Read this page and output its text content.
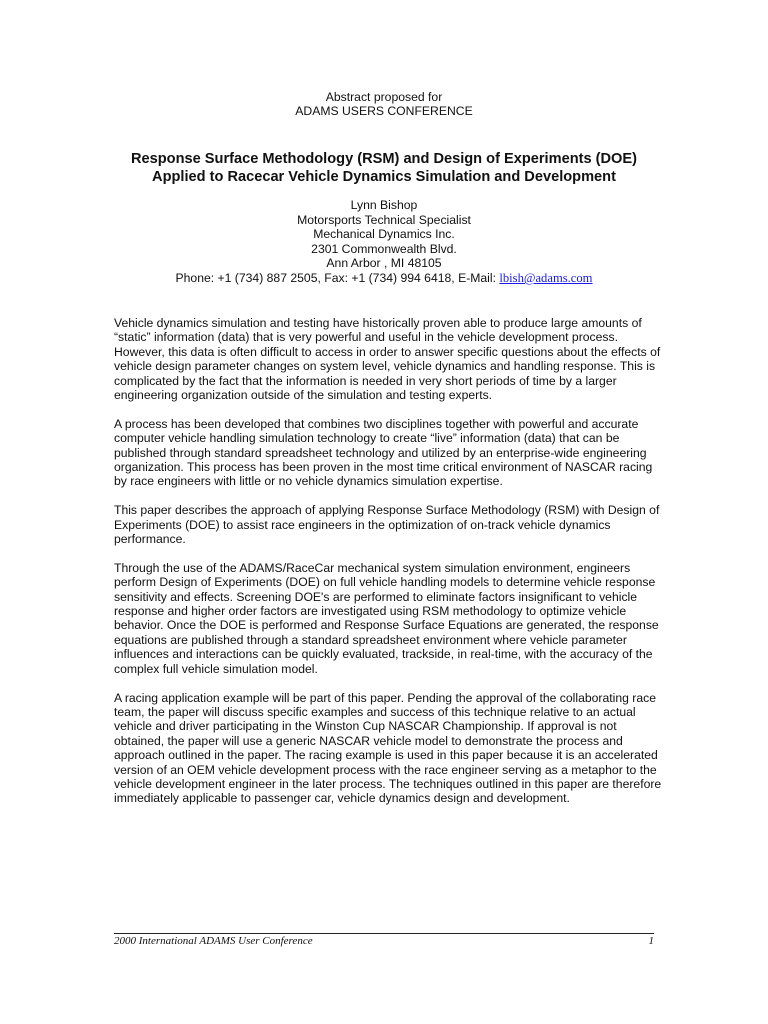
Abstract proposed for
ADAMS USERS CONFERENCE
Response Surface Methodology (RSM) and Design of Experiments (DOE)
Applied to Racecar Vehicle Dynamics Simulation and Development
Lynn Bishop
Motorsports Technical Specialist
Mechanical Dynamics Inc.
2301 Commonwealth Blvd.
Ann Arbor , MI 48105
Phone: +1 (734) 887 2505, Fax: +1 (734) 994 6418, E-Mail: lbish@adams.com

Vehicle dynamics simulation and testing have historically proven able to produce large amounts of “static” information (data) that is very powerful and useful in the vehicle development process. However, this data is often difficult to access in order to answer specific questions about the effects of vehicle design parameter changes on system level, vehicle dynamics and handling response. This is complicated by the fact that the information is needed in very short periods of time by a larger engineering organization outside of the simulation and testing experts.

A process has been developed that combines two disciplines together with powerful and accurate computer vehicle handling simulation technology to create “live” information (data) that can be published through standard spreadsheet technology and utilized by an enterprise-wide engineering organization. This process has been proven in the most time critical environment of NASCAR racing by race engineers with little or no vehicle dynamics simulation expertise.

This paper describes the approach of applying Response Surface Methodology (RSM) with Design of Experiments (DOE) to assist race engineers in the optimization of on-track vehicle dynamics performance.

Through the use of the ADAMS/RaceCar mechanical system simulation environment, engineers perform Design of Experiments (DOE) on full vehicle handling models to determine vehicle response sensitivity and effects. Screening DOE's are performed to eliminate factors insignificant to vehicle response and higher order factors are investigated using RSM methodology to optimize vehicle behavior. Once the DOE is performed and Response Surface Equations are generated, the response equations are published through a standard spreadsheet environment where vehicle parameter influences and interactions can be quickly evaluated, trackside, in real-time, with the accuracy of the complex full vehicle simulation model.

A racing application example will be part of this paper. Pending the approval of the collaborating race team, the paper will discuss specific examples and success of this technique relative to an actual vehicle and driver participating in the Winston Cup NASCAR Championship. If approval is not obtained, the paper will use a generic NASCAR vehicle model to demonstrate the process and approach outlined in the paper. The racing example is used in this paper because it is an accelerated version of an OEM vehicle development process with the race engineer serving as a metaphor to the vehicle development engineer in the later process. The techniques outlined in this paper are therefore immediately applicable to passenger car, vehicle dynamics design and development.

2000 International ADAMS User Conference	1
